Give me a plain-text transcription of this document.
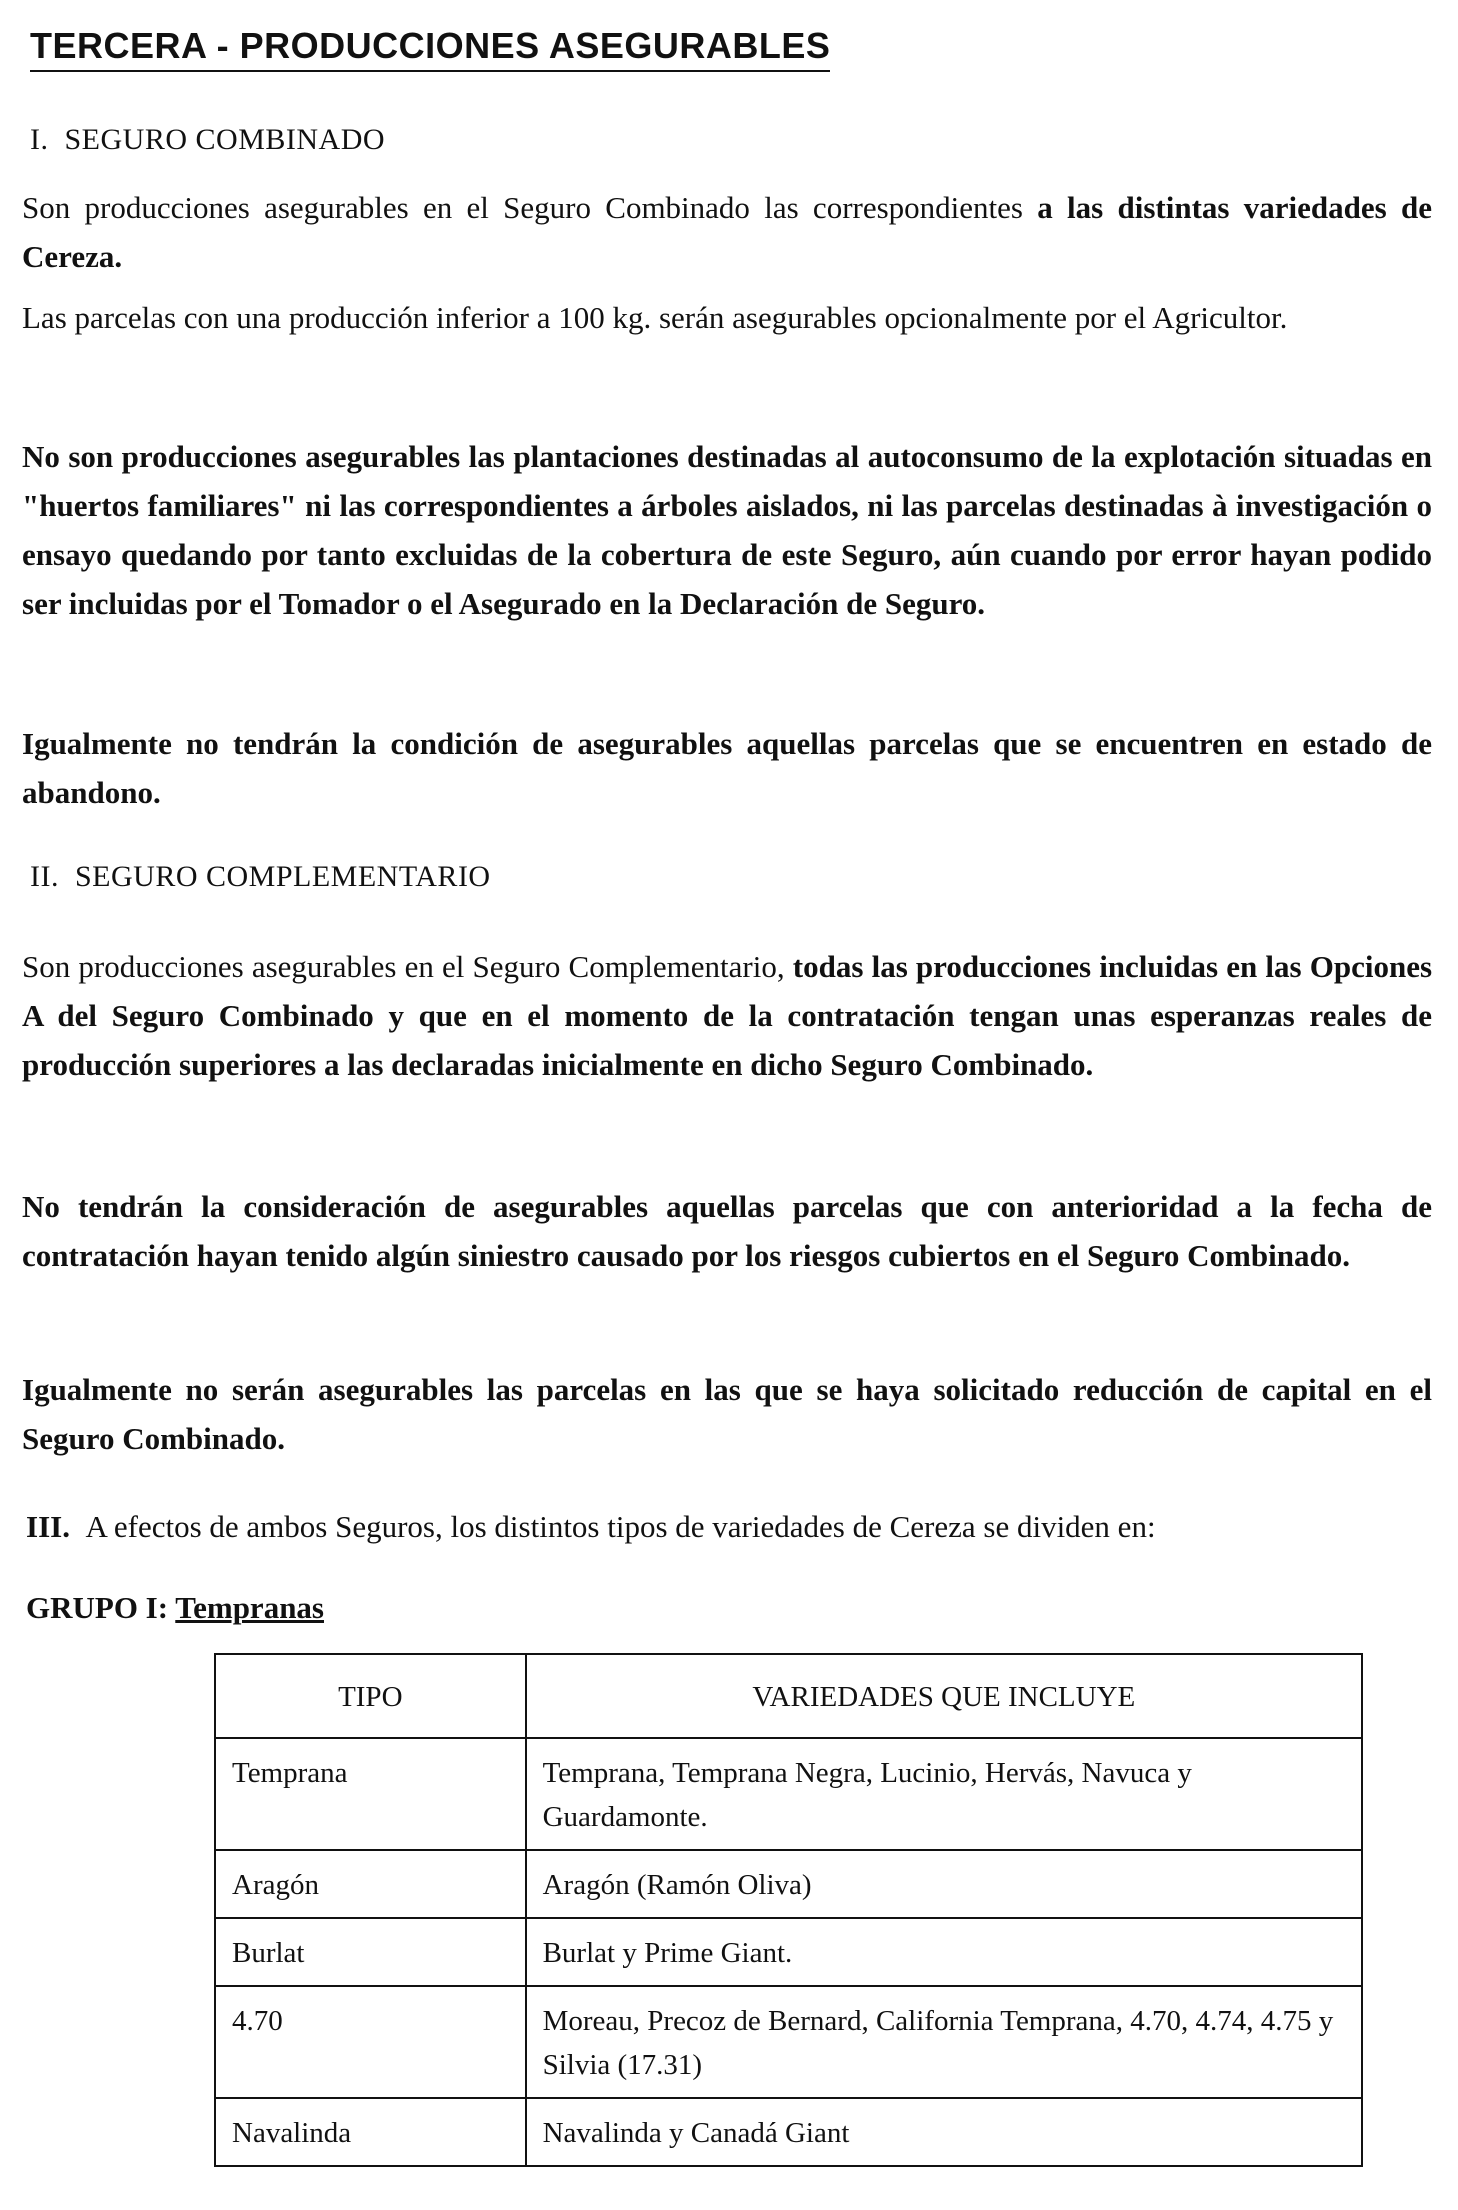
TERCERA - PRODUCCIONES ASEGURABLES
I. SEGURO COMBINADO

Son producciones asegurables en el Seguro Combinado las correspondientes a las distintas variedades de Cereza.

Las parcelas con una producción inferior a 100 kg. serán asegurables opcionalmente por el Agricultor.

No son producciones asegurables las plantaciones destinadas al autoconsumo de la explotación situadas en "huertos familiares" ni las correspondientes a árboles aislados, ni las parcelas destinadas à investigación o ensayo quedando por tanto excluidas de la cobertura de este Seguro, aún cuando por error hayan podido ser incluidas por el Tomador o el Asegurado en la Declaración de Seguro.

Igualmente no tendrán la condición de asegurables aquellas parcelas que se encuentren en estado de abandono.

II. SEGURO COMPLEMENTARIO

Son producciones asegurables en el Seguro Complementario, todas las producciones incluidas en las Opciones A del Seguro Combinado y que en el momento de la contratación tengan unas esperanzas reales de producción superiores a las declaradas inicialmente en dicho Seguro Combinado.

No tendrán la consideración de asegurables aquellas parcelas que con anterioridad a la fecha de contratación hayan tenido algún siniestro causado por los riesgos cubiertos en el Seguro Combinado.

Igualmente no serán asegurables las parcelas en las que se haya solicitado reducción de capital en el Seguro Combinado.

III. A efectos de ambos Seguros, los distintos tipos de variedades de Cereza se dividen en:
GRUPO I: Tempranas
TIPO	VARIEDADES QUE INCLUYE
Temprana	Temprana, Temprana Negra, Lucinio, Hervás, Navuca y Guardamonte.
Aragón	Aragón (Ramón Oliva)
Burlat	Burlat y Prime Giant.
4.70	Moreau, Precoz de Bernard, California Temprana, 4.70, 4.74, 4.75 y Silvia (17.31)
Navalinda	Navalinda y Canadá Giant
